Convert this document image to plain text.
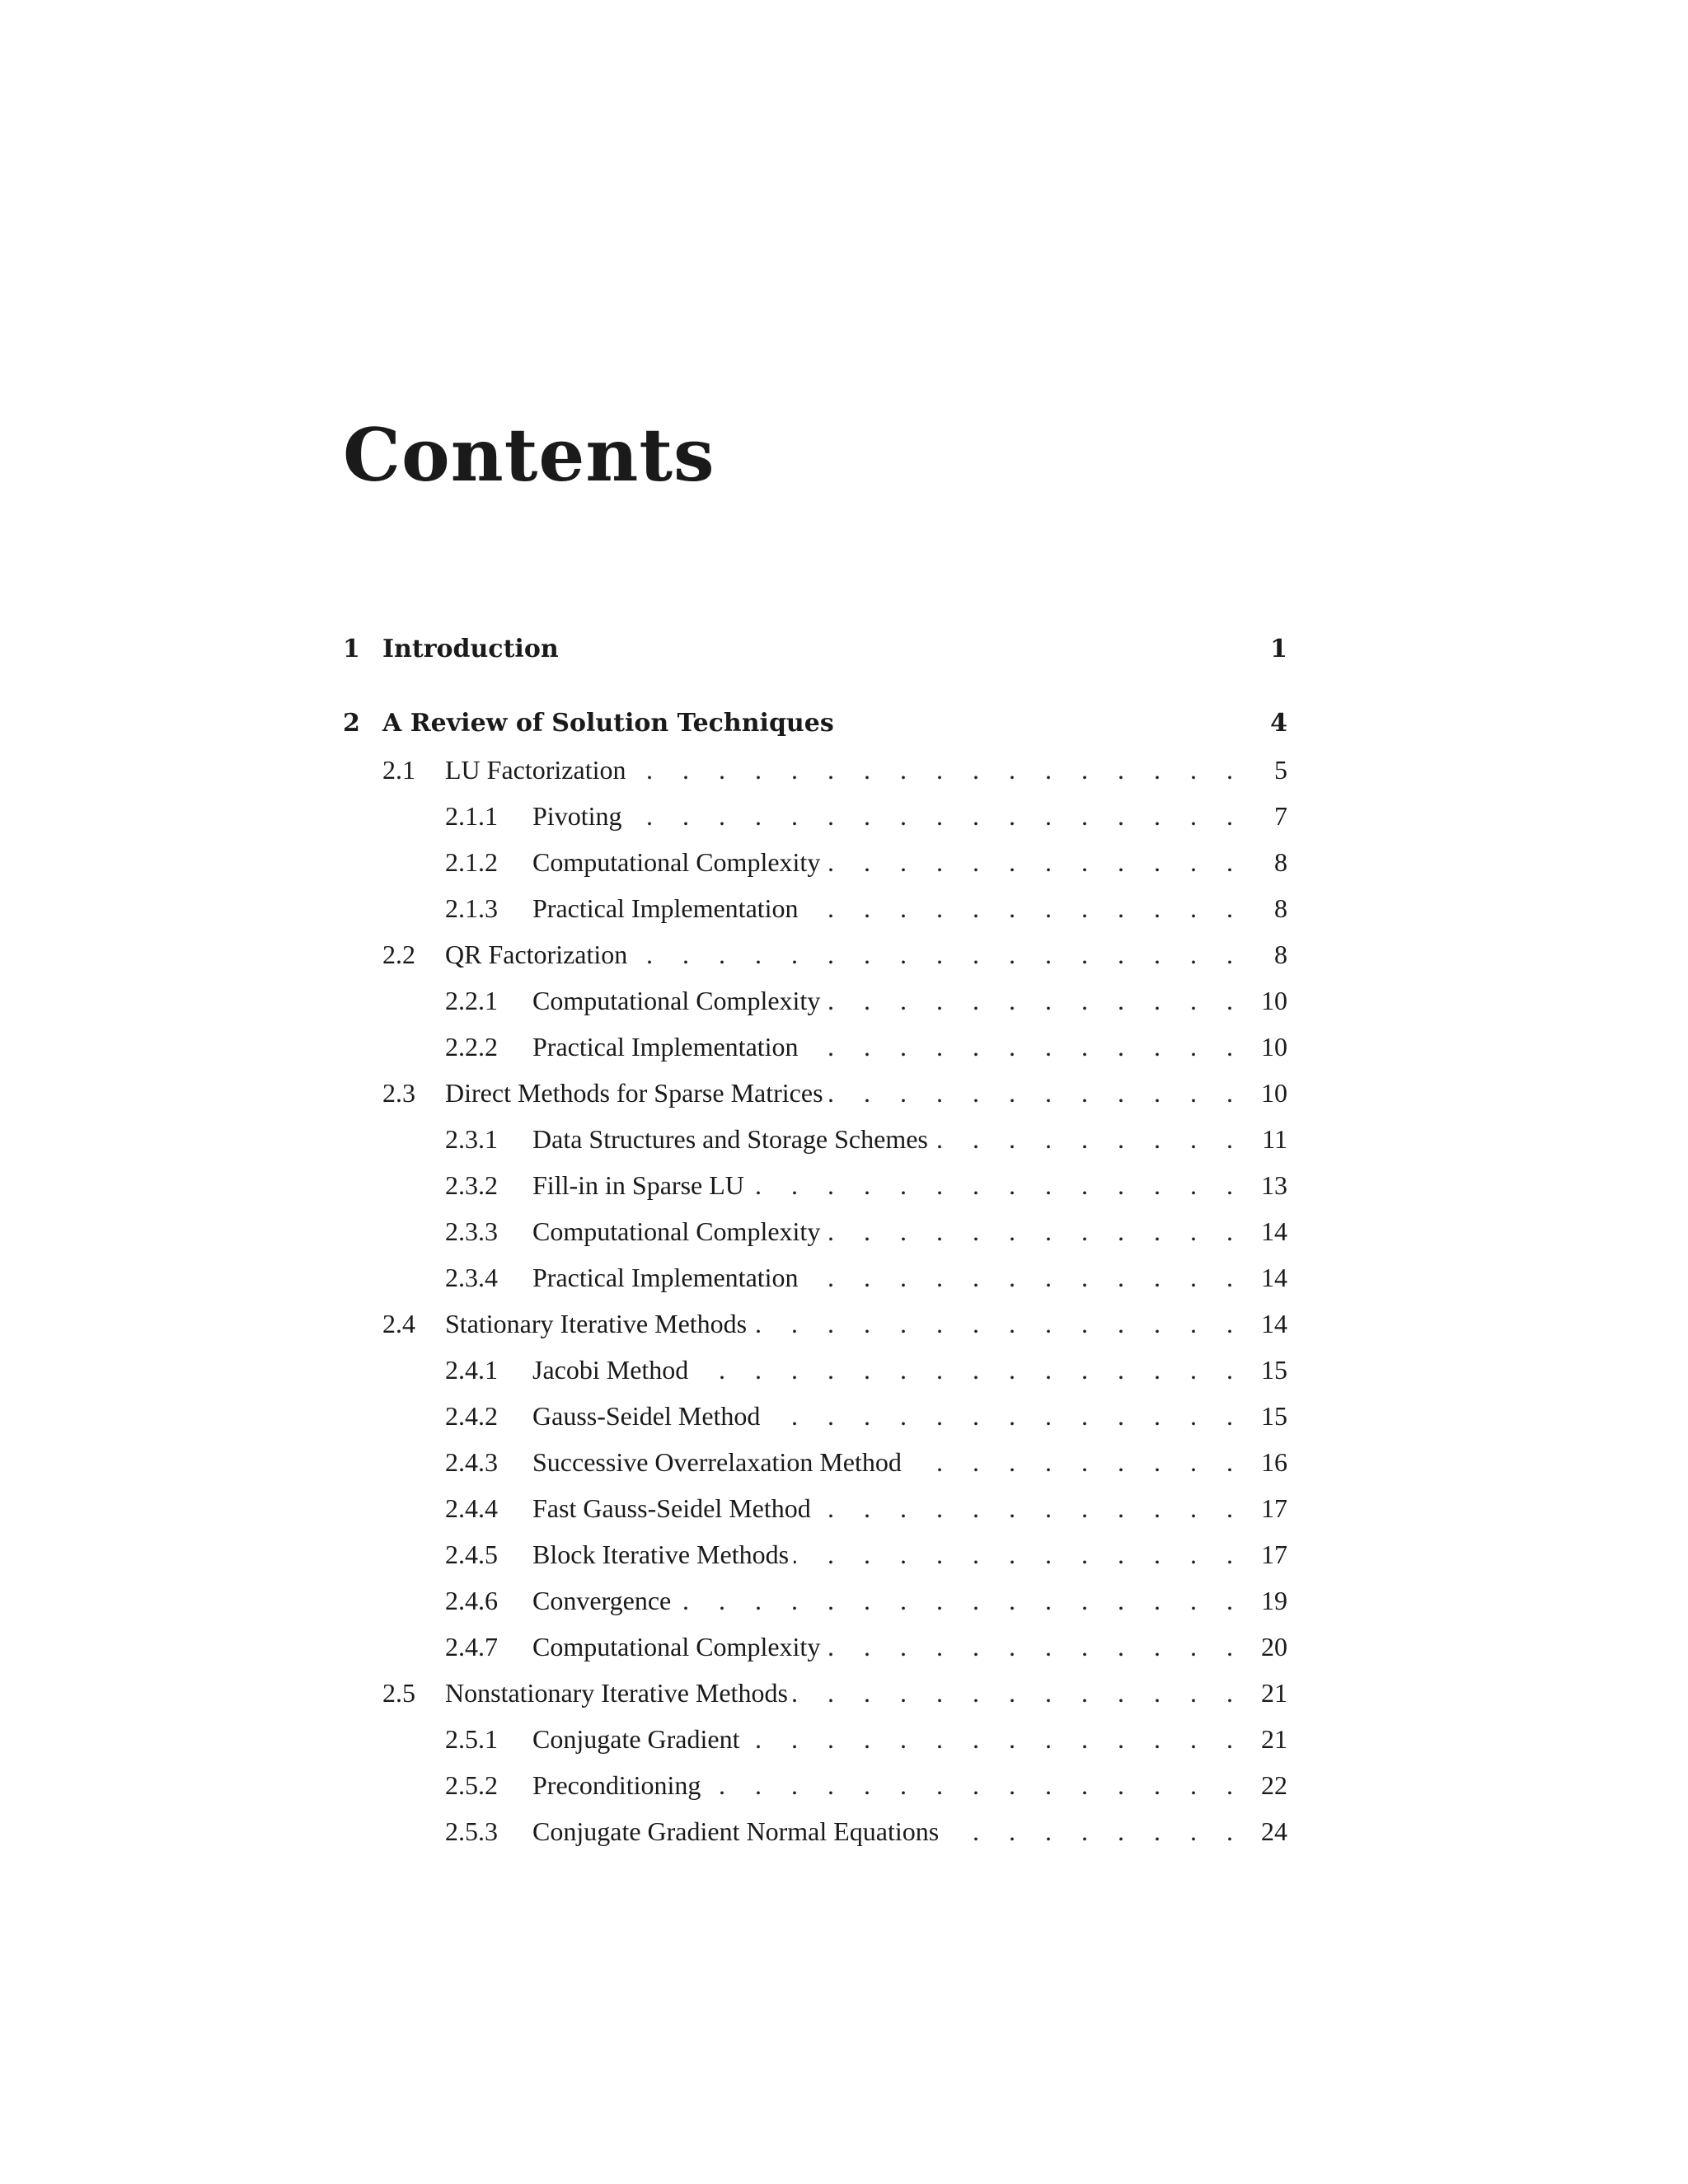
Contents
1 Introduction	1
2 A Review of Solution Techniques	4
2.1	LU Factorization . . .	5
2.1.1	Pivoting . . .	7
2.1.2	Computational Complexity . . .	8
2.1.3	Practical Implementation . . .	8
2.2	QR Factorization . . .	8
2.2.1	Computational Complexity . . .	10
2.2.2	Practical Implementation . . .	10
2.3	Direct Methods for Sparse Matrices . . .	10
2.3.1	Data Structures and Storage Schemes . . .	11
2.3.2	Fill-in in Sparse LU . . .	13
2.3.3	Computational Complexity . . .	14
2.3.4	Practical Implementation . . .	14
2.4	Stationary Iterative Methods . . .	14
2.4.1	Jacobi Method . . .	15
2.4.2	Gauss-Seidel Method . . .	15
2.4.3	Successive Overrelaxation Method . . .	16
2.4.4	Fast Gauss-Seidel Method . . .	17
2.4.5	Block Iterative Methods . . .	17
2.4.6	Convergence . . .	19
2.4.7	Computational Complexity . . .	20
2.5	Nonstationary Iterative Methods . . .	21
2.5.1	Conjugate Gradient . . .	21
2.5.2	Preconditioning . . .	22
2.5.3	Conjugate Gradient Normal Equations . . .	24
